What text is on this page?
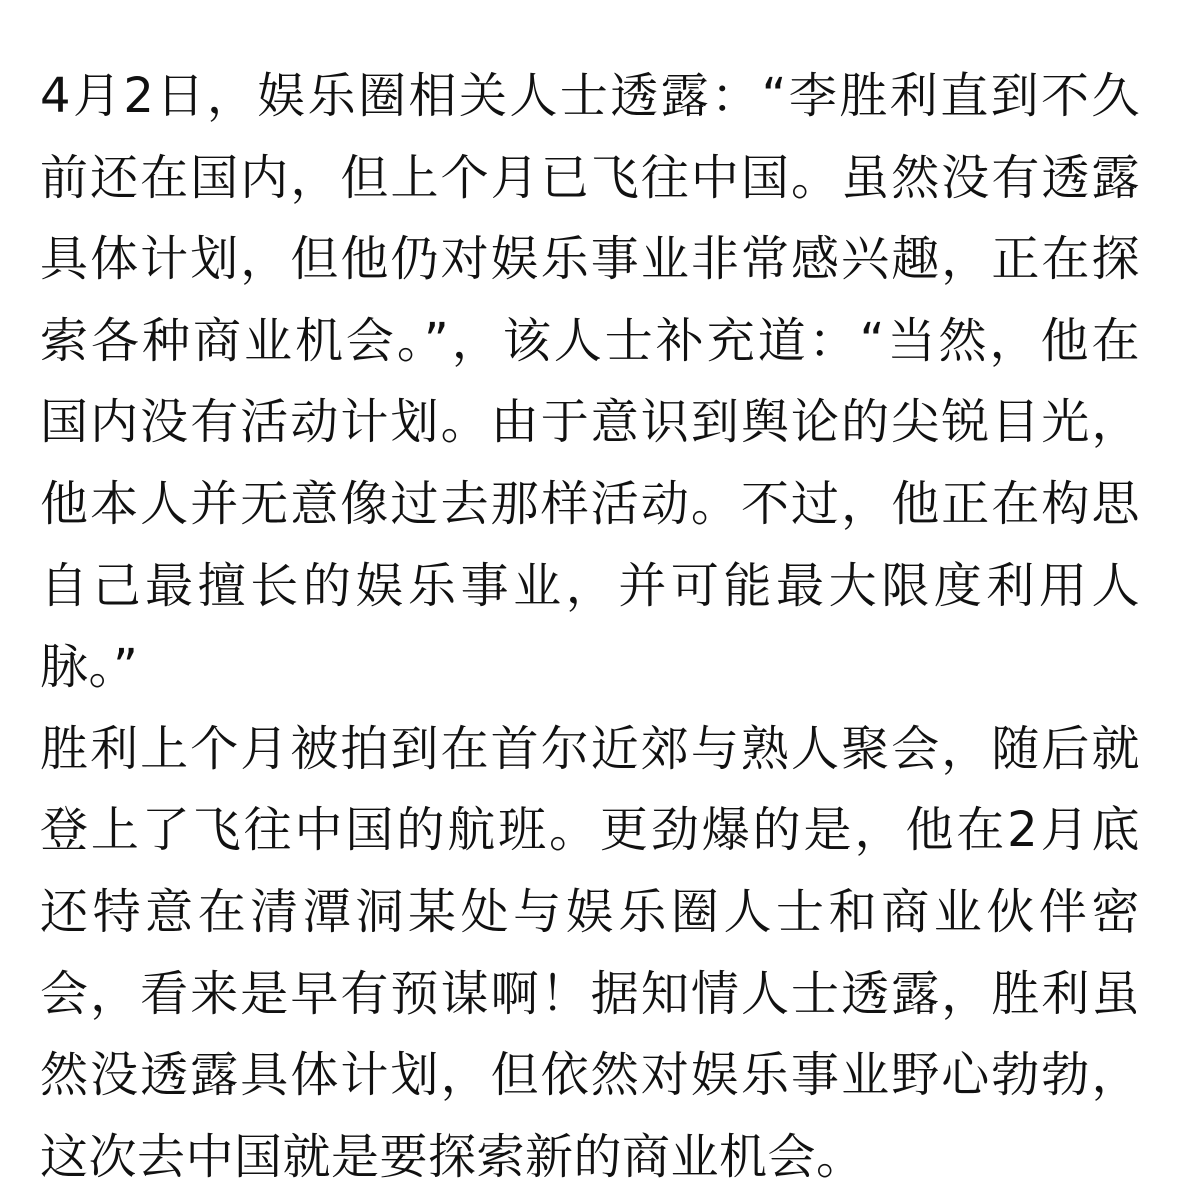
4月2日，娱乐圈相关人士透露：“李胜利直到不久
前还在国内，但上个月已飞往中国。虽然没有透露
具体计划，但他仍对娱乐事业非常感兴趣，正在探
索各种商业机会。”，该人士补充道：“当然，他在
国内没有活动计划。由于意识到舆论的尖锐目光，
他本人并无意像过去那样活动。不过，他正在构思
自己最擅长的娱乐事业，并可能最大限度利用人
脉。”
胜利上个月被拍到在首尔近郊与熟人聚会，随后就
登上了飞往中国的航班。更劲爆的是，他在2月底
还特意在清潭洞某处与娱乐圈人士和商业伙伴密
会，看来是早有预谋啊！据知情人士透露，胜利虽
然没透露具体计划，但依然对娱乐事业野心勃勃，
这次去中国就是要探索新的商业机会。
